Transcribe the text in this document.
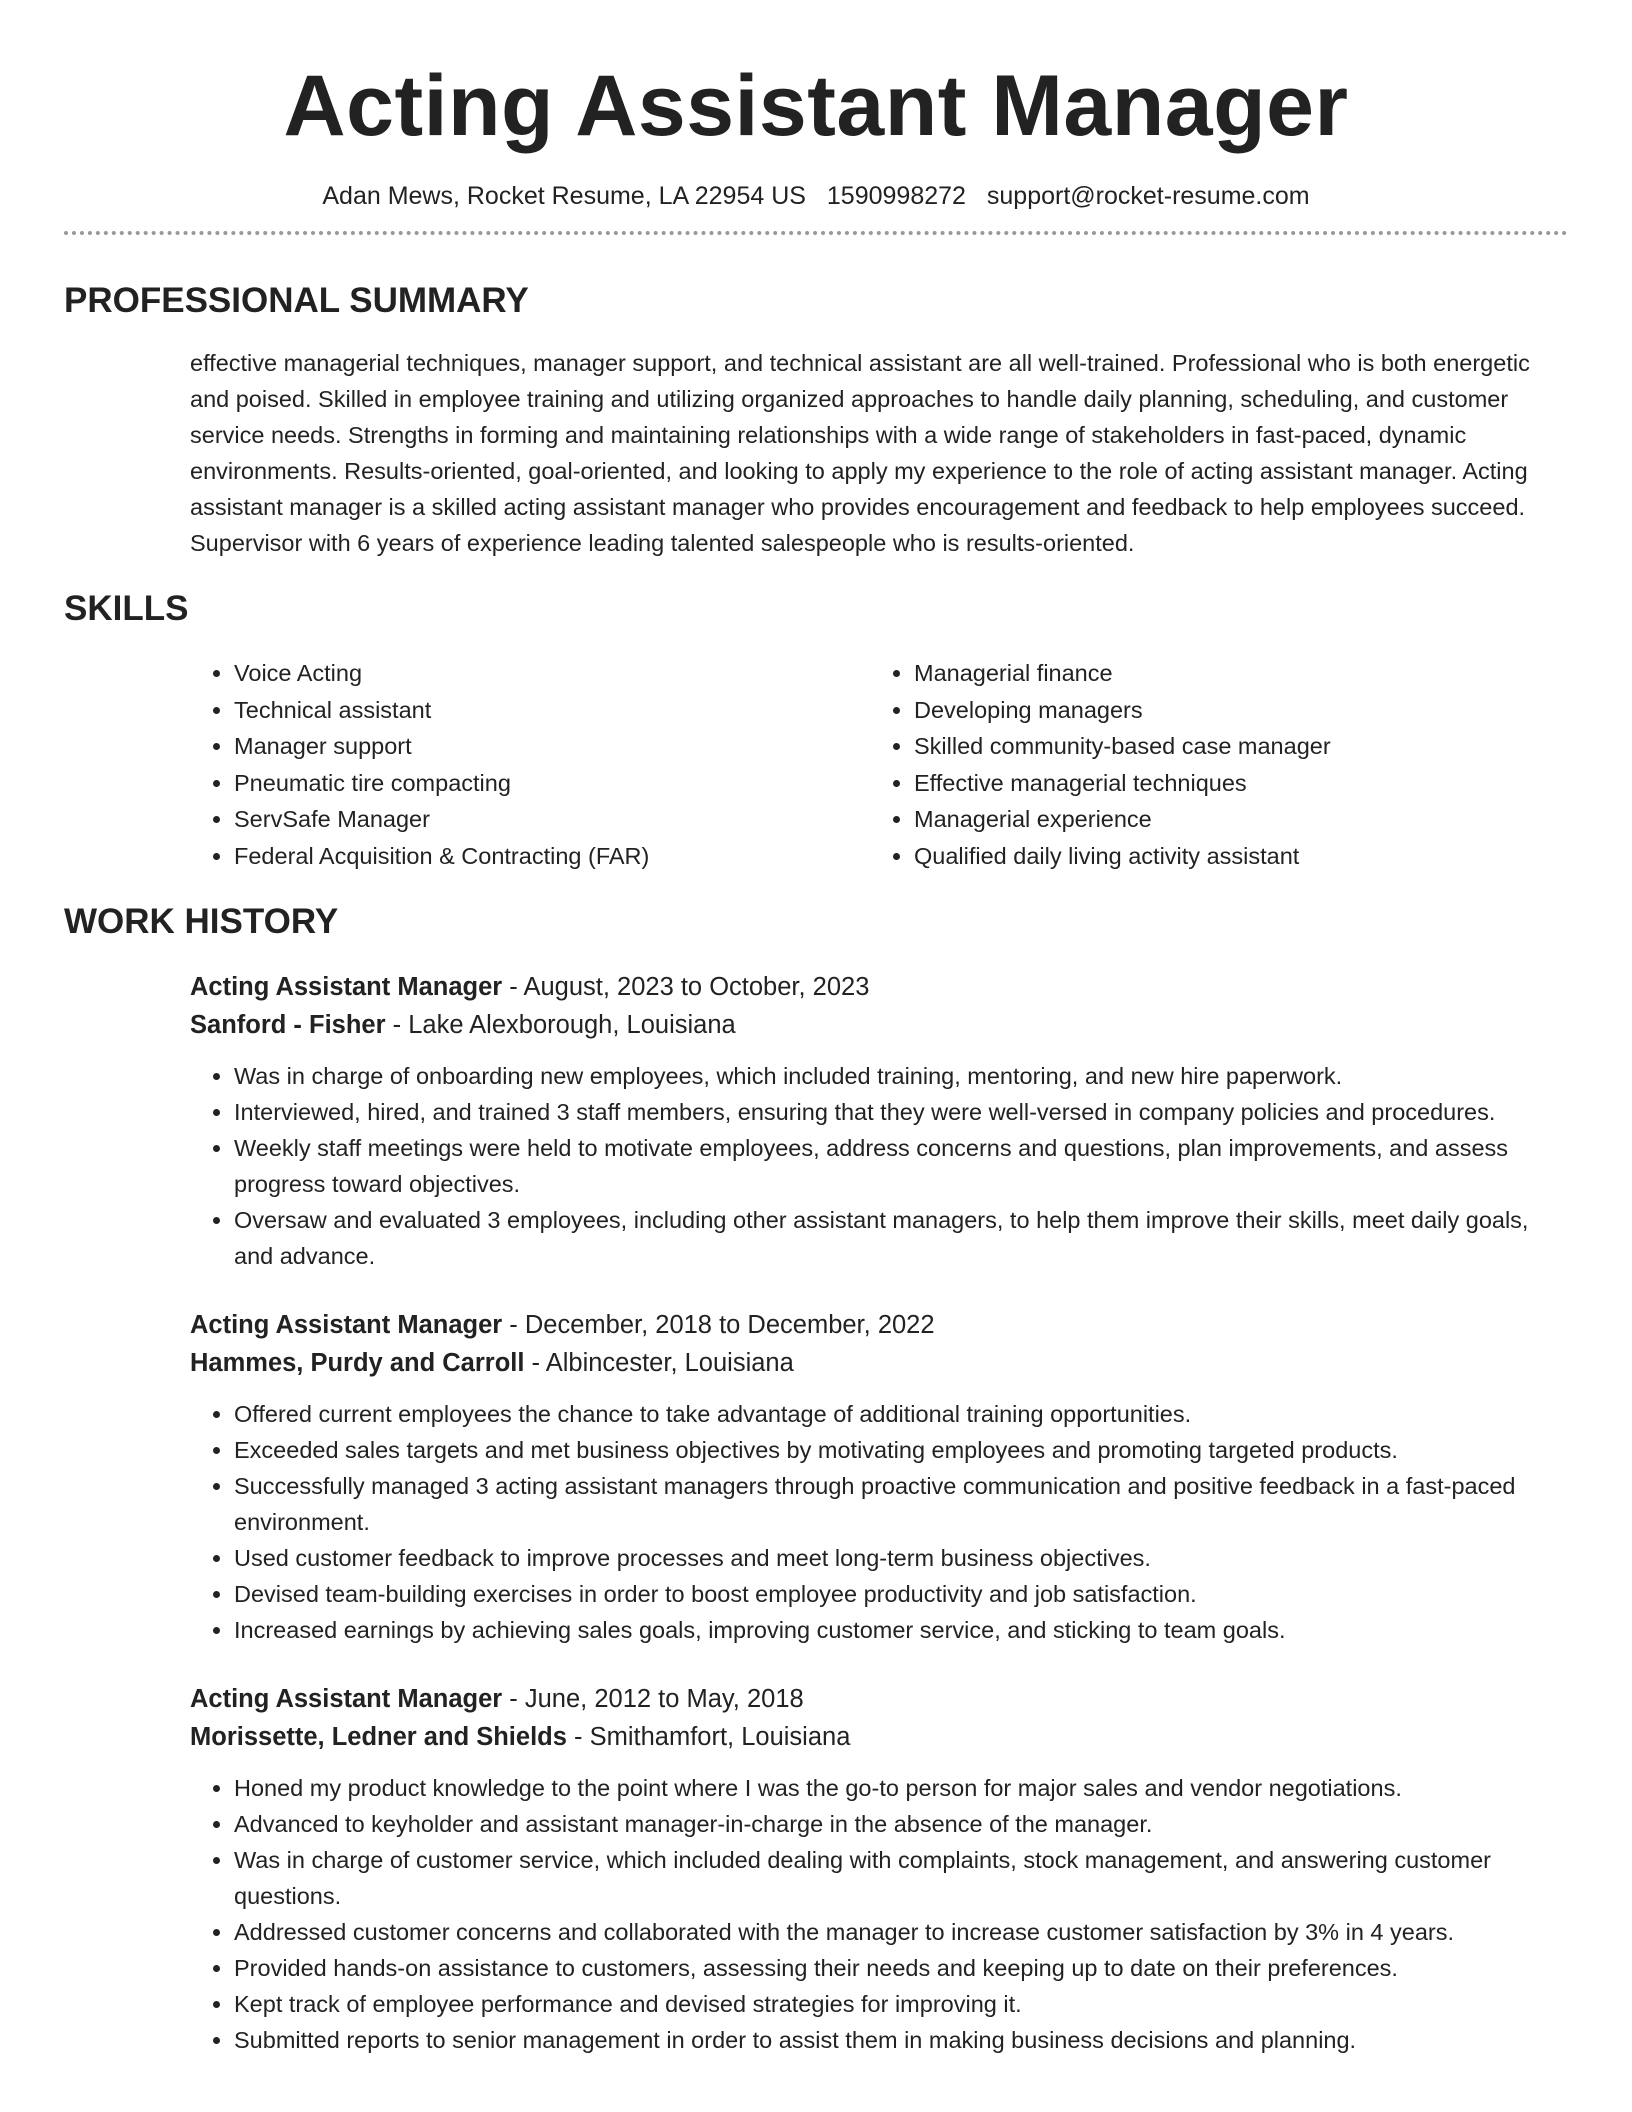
Acting Assistant Manager
Adan Mews, Rocket Resume, LA 22954 US 1590998272 support@rocket-resume.com
PROFESSIONAL SUMMARY

effective managerial techniques, manager support, and technical assistant are all well-trained. Professional who is both energetic and poised. Skilled in employee training and utilizing organized approaches to handle daily planning, scheduling, and customer service needs. Strengths in forming and maintaining relationships with a wide range of stakeholders in fast-paced, dynamic environments. Results-oriented, goal-oriented, and looking to apply my experience to the role of acting assistant manager. Acting assistant manager is a skilled acting assistant manager who provides encouragement and feedback to help employees succeed. Supervisor with 6 years of experience leading talented salespeople who is results-oriented.

SKILLS
• Voice Acting
• Technical assistant
• Manager support
• Pneumatic tire compacting
• ServSafe Manager
• Federal Acquisition & Contracting (FAR)
• Managerial finance
• Developing managers
• Skilled community-based case manager
• Effective managerial techniques
• Managerial experience
• Qualified daily living activity assistant
WORK HISTORY
Acting Assistant Manager - August, 2023 to October, 2023
Sanford - Fisher - Lake Alexborough, Louisiana
• Was in charge of onboarding new employees, which included training, mentoring, and new hire paperwork.
• Interviewed, hired, and trained 3 staff members, ensuring that they were well-versed in company policies and procedures.
• Weekly staff meetings were held to motivate employees, address concerns and questions, plan improvements, and assess progress toward objectives.
• Oversaw and evaluated 3 employees, including other assistant managers, to help them improve their skills, meet daily goals, and advance.
Acting Assistant Manager - December, 2018 to December, 2022
Hammes, Purdy and Carroll - Albincester, Louisiana
• Offered current employees the chance to take advantage of additional training opportunities.
• Exceeded sales targets and met business objectives by motivating employees and promoting targeted products.
• Successfully managed 3 acting assistant managers through proactive communication and positive feedback in a fast-paced environment.
• Used customer feedback to improve processes and meet long-term business objectives.
• Devised team-building exercises in order to boost employee productivity and job satisfaction.
• Increased earnings by achieving sales goals, improving customer service, and sticking to team goals.
Acting Assistant Manager - June, 2012 to May, 2018
Morissette, Ledner and Shields - Smithamfort, Louisiana
• Honed my product knowledge to the point where I was the go-to person for major sales and vendor negotiations.
• Advanced to keyholder and assistant manager-in-charge in the absence of the manager.
• Was in charge of customer service, which included dealing with complaints, stock management, and answering customer questions.
• Addressed customer concerns and collaborated with the manager to increase customer satisfaction by 3% in 4 years.
• Provided hands-on assistance to customers, assessing their needs and keeping up to date on their preferences.
• Kept track of employee performance and devised strategies for improving it.
• Submitted reports to senior management in order to assist them in making business decisions and planning.
